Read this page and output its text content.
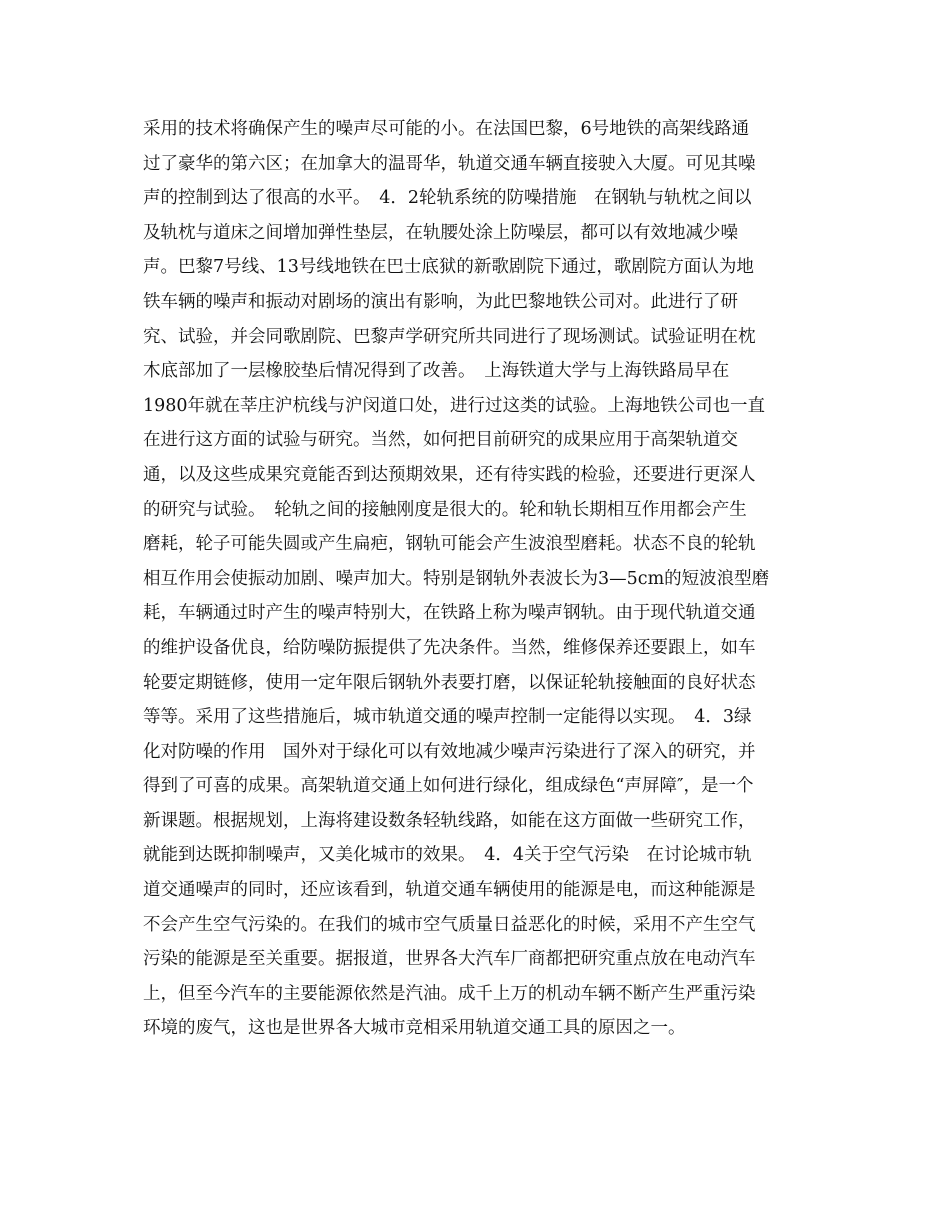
采用的技术将确保产生的噪声尽可能的小。在法国巴黎，6号地铁的高架线路通
过了豪华的第六区；在加拿大的温哥华，轨道交通车辆直接驶入大厦。可见其噪
声的控制到达了很高的水平。　4．2轮轨系统的防噪措施　在钢轨与轨枕之间以
及轨枕与道床之间增加弹性垫层，在轨腰处涂上防噪层，都可以有效地减少噪
声。巴黎7号线、13号线地铁在巴士底狱的新歌剧院下通过，歌剧院方面认为地
铁车辆的噪声和振动对剧场的演出有影响，为此巴黎地铁公司对。此进行了研
究、试验，并会同歌剧院、巴黎声学研究所共同进行了现场测试。试验证明在枕
木底部加了一层橡胶垫后情况得到了改善。　上海铁道大学与上海铁路局早在
1980年就在莘庄沪杭线与沪闵道口处，进行过这类的试验。上海地铁公司也一直
在进行这方面的试验与研究。当然，如何把目前研究的成果应用于高架轨道交
通，以及这些成果究竟能否到达预期效果，还有待实践的检验，还要进行更深人
的研究与试验。　轮轨之间的接触刚度是很大的。轮和轨长期相互作用都会产生
磨耗，轮子可能失圆或产生扁疤，钢轨可能会产生波浪型磨耗。状态不良的轮轨
相互作用会使振动加剧、噪声加大。特别是钢轨外表波长为3—5cm的短波浪型磨
耗，车辆通过时产生的噪声特别大，在铁路上称为噪声钢轨。由于现代轨道交通
的维护设备优良，给防噪防振提供了先决条件。当然，维修保养还要跟上，如车
轮要定期链修，使用一定年限后钢轨外表要打磨，以保证轮轨接触面的良好状态
等等。采用了这些措施后，城市轨道交通的噪声控制一定能得以实现。　4．3绿
化对防噪的作用　国外对于绿化可以有效地减少噪声污染进行了深入的研究，并
得到了可喜的成果。高架轨道交通上如何进行绿化，组成绿色“声屏障″，是一个
新课题。根据规划，上海将建设数条轻轨线路，如能在这方面做一些研究工作，
就能到达既抑制噪声，又美化城市的效果。　4．4关于空气污染　在讨论城市轨
道交通噪声的同时，还应该看到，轨道交通车辆使用的能源是电，而这种能源是
不会产生空气污染的。在我们的城市空气质量日益恶化的时候，采用不产生空气
污染的能源是至关重要。据报道，世界各大汽车厂商都把研究重点放在电动汽车
上，但至今汽车的主要能源依然是汽油。成千上万的机动车辆不断产生严重污染
环境的废气，这也是世界各大城市竞相采用轨道交通工具的原因之一。
